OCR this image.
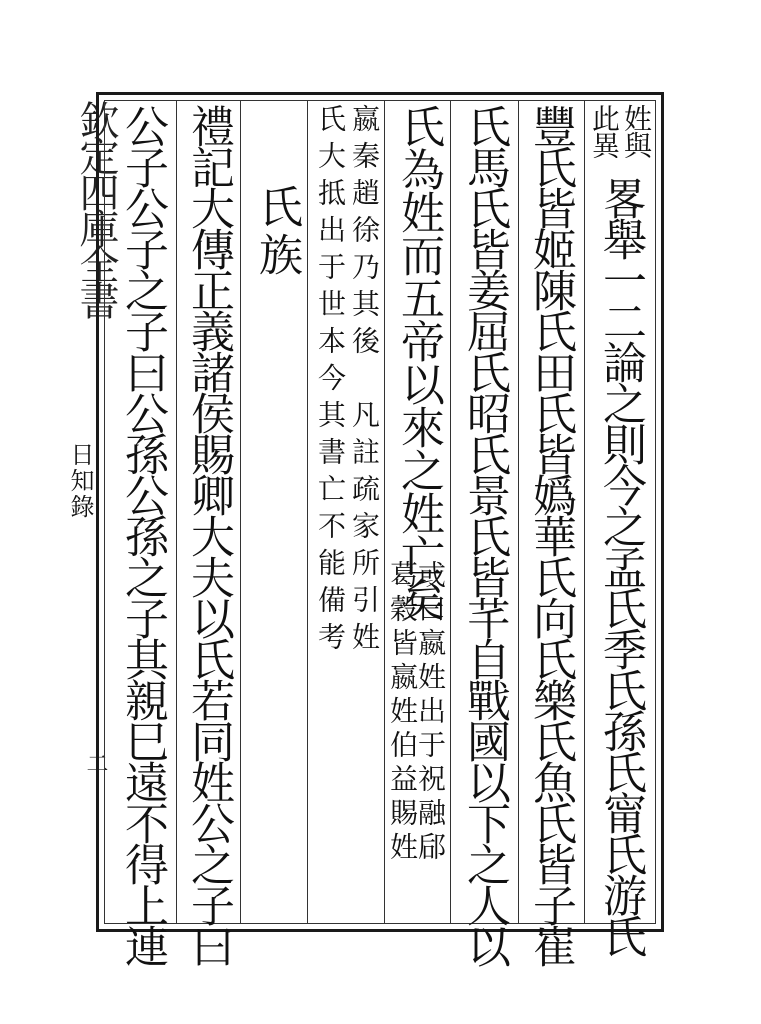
欽定四庫全書
日知錄
二
姓與
此異
畧舉一二論之則今之孟氏季氏孫氏甯氏游氏
豐氏皆姬陳氏田氏皆嬀華氏向氏樂氏魚氏皆子崔
氏馬氏皆姜屈氏昭氏景氏皆芊自戰國以下之人以
氏為姓而五帝以來之姓亡矣
或曰嬴姓出于祝融郈
葛穀皆嬴姓伯益賜姓
嬴秦趙徐乃其後　凡註疏家所引姓
氏大抵出于世本今其書亡不能備考
氏族
禮記大傳正義諸侯賜卿大夫以氏若同姓公之子曰
公子公子之子曰公孫公孫之子其親巳遠不得上連
